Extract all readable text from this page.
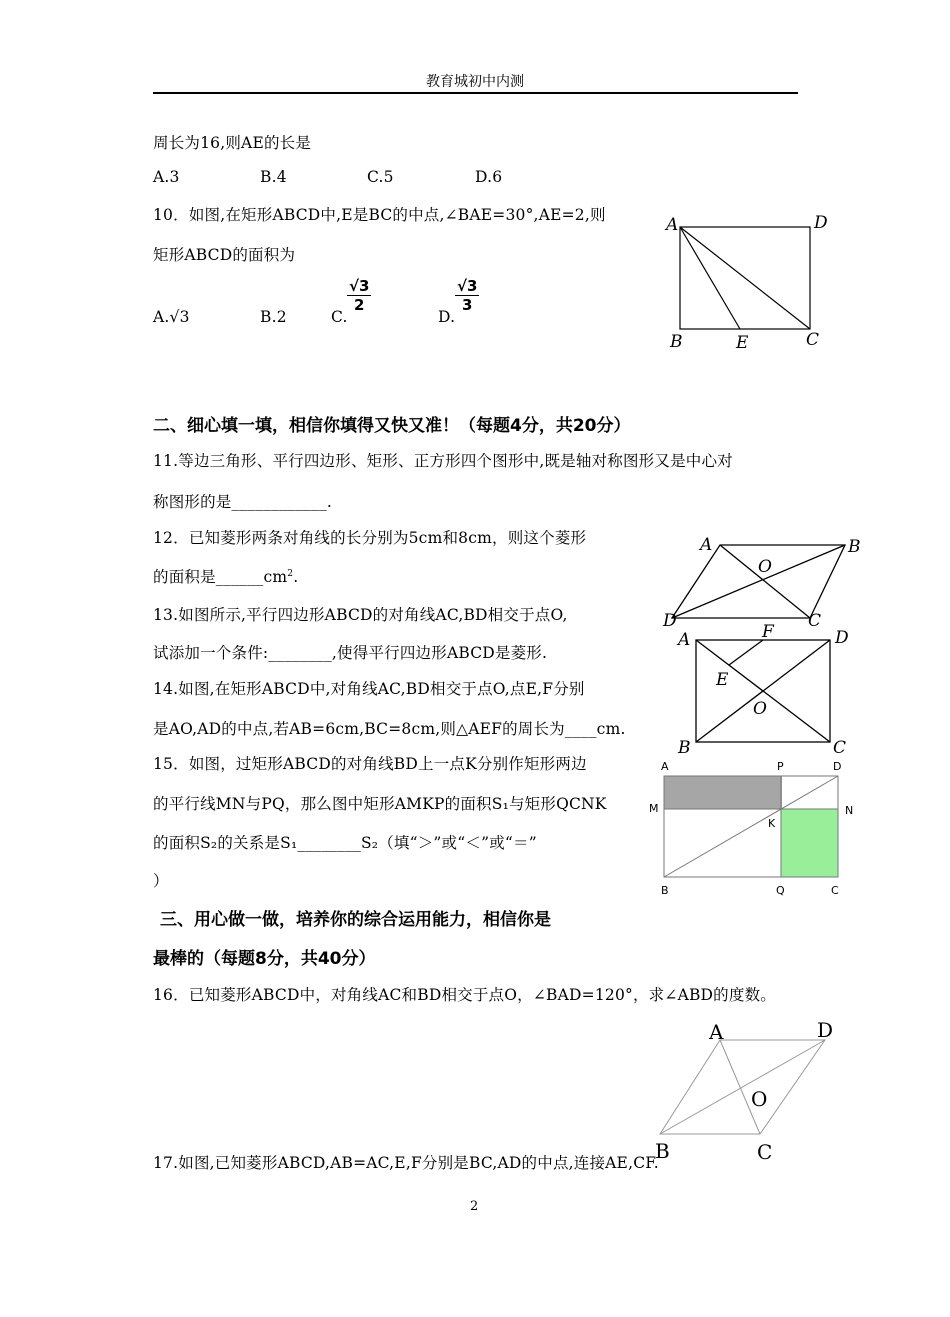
教育城初中内测
周长为16,则AE的长是
A.3	B.4	C.5	D.6
10．如图,在矩形ABCD中,E是BC的中点,∠BAE=30°,AE=2,则
矩形ABCD的面积为
A.√3	B.2	C.
$\frac{√3}{2}$
D.
$\frac{√3}{3}$
A	D
B	E	C
二、细心填一填，相信你填得又快又准！（每题4分，共20分）
11.等边三角形、平行四边形、矩形、正方形四个图形中,既是轴对称图形又是中心对
称图形的是____________.
12．已知菱形两条对角线的长分别为5cm和8cm，则这个菱形
的面积是$\_\_\_\_\_\_cm^2$.
A	B
O
D	C
13.如图所示,平行四边形ABCD的对角线AC,BD相交于点O,
试添加一个条件:________,使得平行四边形ABCD是菱形.
14.如图,在矩形ABCD中,对角线AC,BD相交于点O,点E,F分别
是AO,AD的中点,若AB=6cm,BC=8cm,则△AEF的周长为____cm.
A	F	D
E
O
B	C
15．如图，过矩形ABCD的对角线BD上一点K分别作矩形两边
的平行线MN与PQ，那么图中矩形AMKP的面积S₁与矩形QCNK
的面积S₂的关系是S₁________S₂（填“＞”或“＜”或“＝”
）
A	P	D
M	N
K
B	Q	C
三、用心做一做，培养你的综合运用能力，相信你是
最棒的（每题8分，共40分）
16．已知菱形ABCD中，对角线AC和BD相交于点O，∠BAD=120°，求∠ABD的度数。
A	D
O
B	C
17.如图,已知菱形ABCD,AB=AC,E,F分别是BC,AD的中点,连接AE,CF.
2
